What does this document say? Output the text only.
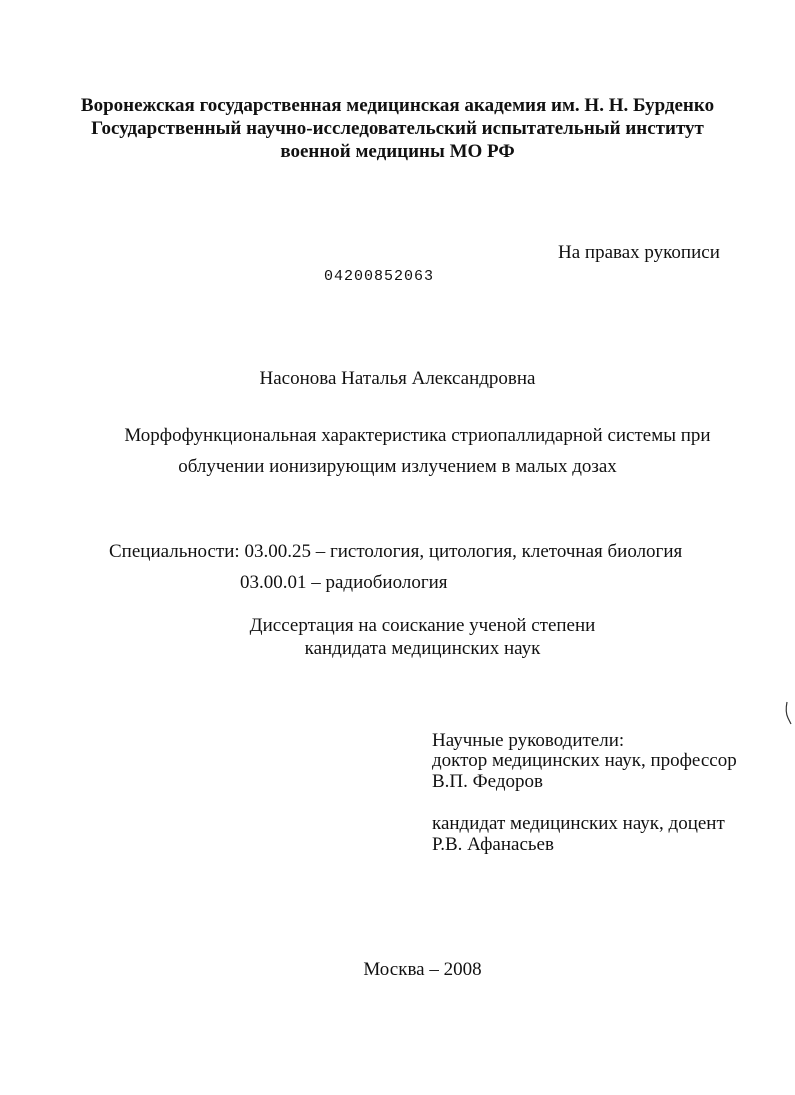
Воронежская государственная медицинская академия им. Н. Н. Бурденко
Государственный научно-исследовательский испытательный институт
военной медицины МО РФ
На правах рукописи
04200852063
Насонова Наталья Александровна
Морфофункциональная характеристика стриопаллидарной системы при
облучении ионизирующим излучением в малых дозах
Специальности: 03.00.25 – гистология, цитология, клеточная биология
03.00.01 – радиобиология
Диссертация на соискание ученой степени
кандидата медицинских наук
Научные руководители:
доктор медицинских наук, профессор
В.П. Федоров
кандидат медицинских наук, доцент
Р.В. Афанасьев
Москва – 2008
